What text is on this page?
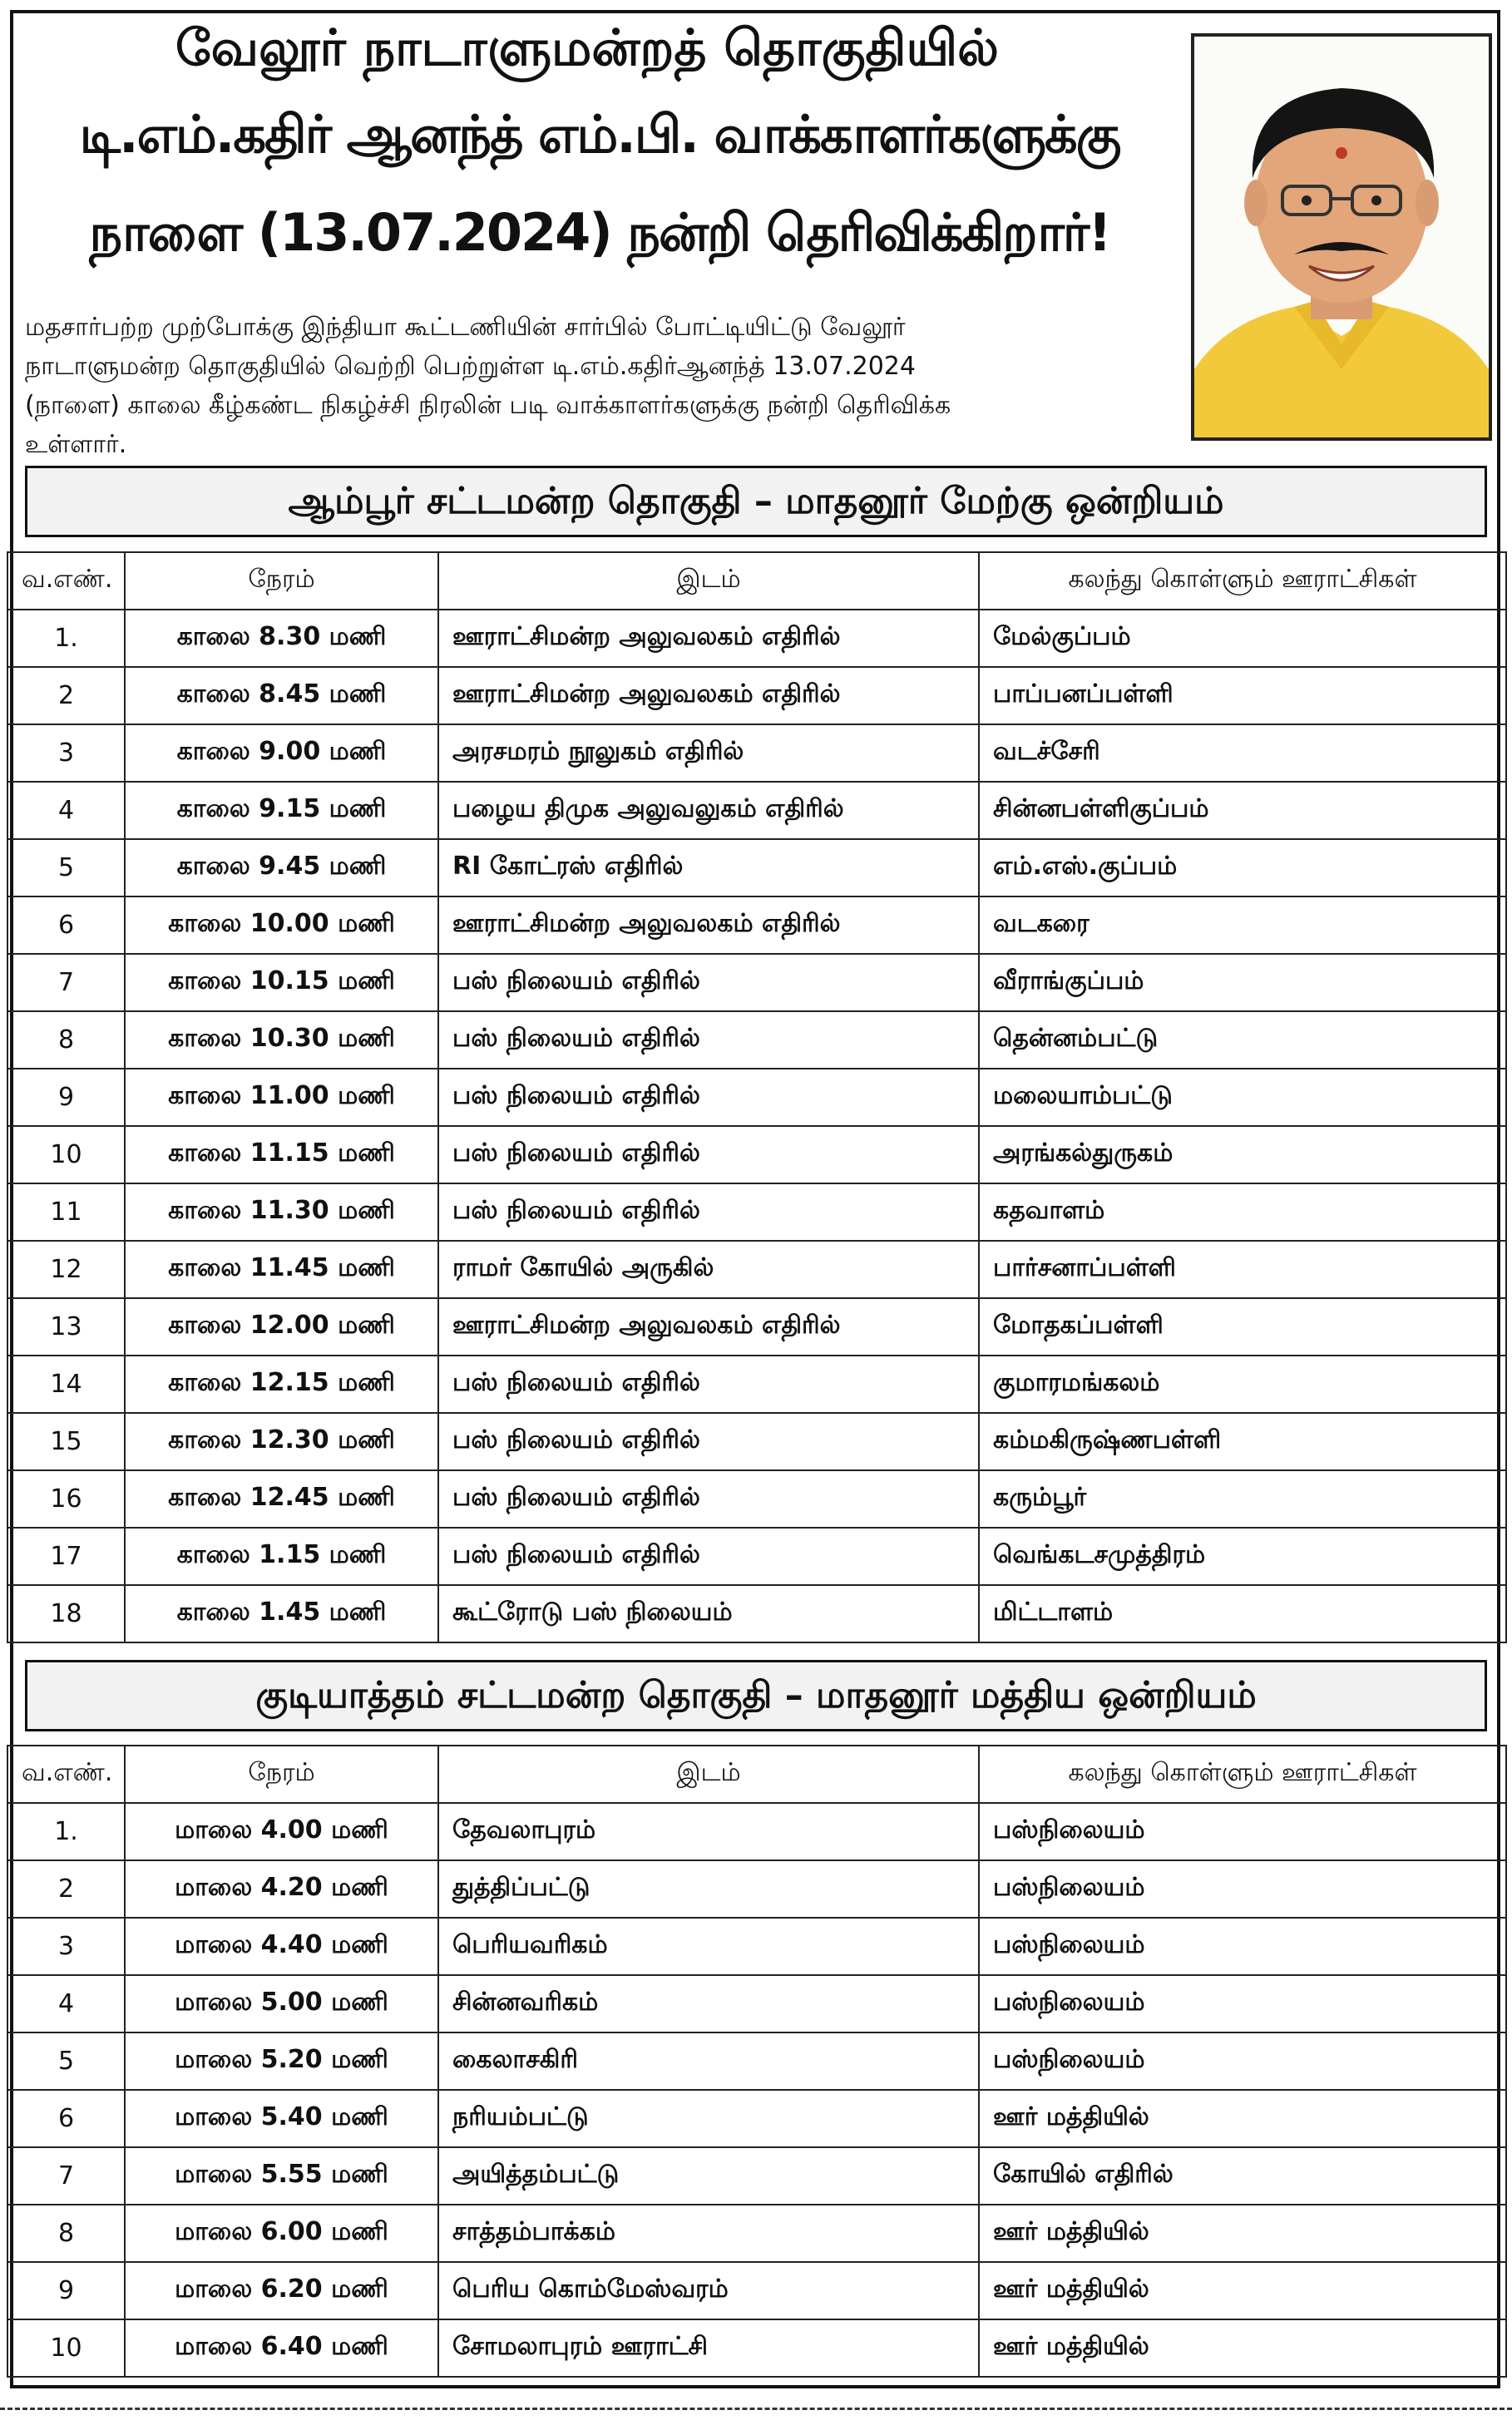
வேலூர் நாடாளுமன்றத் தொகுதியில்
டி.எம்.கதிர் ஆனந்த் எம்.பி. வாக்காளர்களுக்கு
நாளை (13.07.2024) நன்றி தெரிவிக்கிறார்!
மதசார்பற்ற முற்போக்கு இந்தியா கூட்டணியின் சார்பில் போட்டியிட்டு வேலூர்
நாடாளுமன்ற தொகுதியில் வெற்றி பெற்றுள்ள டி.எம்.கதிர்ஆனந்த் 13.07.2024
(நாளை) காலை கீழ்கண்ட நிகழ்ச்சி நிரலின் படி வாக்காளர்களுக்கு நன்றி தெரிவிக்க
உள்ளார்.
ஆம்பூர் சட்டமன்ற தொகுதி – மாதனூர் மேற்கு ஒன்றியம்
வ.எண்.	நேரம்	இடம்	கலந்து கொள்ளும் ஊராட்சிகள்
1.	காலை 8.30 மணி	ஊராட்சிமன்ற அலுவலகம் எதிரில்	மேல்குப்பம்
2	காலை 8.45 மணி	ஊராட்சிமன்ற அலுவலகம் எதிரில்	பாப்பனப்பள்ளி
3	காலை 9.00 மணி	அரசமரம் நூலுகம் எதிரில்	வடச்சேரி
4	காலை 9.15 மணி	பழைய திமுக அலுவலுகம் எதிரில்	சின்னபள்ளிகுப்பம்
5	காலை 9.45 மணி	RI கோட்ரஸ் எதிரில்	எம்.எஸ்.குப்பம்
6	காலை 10.00 மணி	ஊராட்சிமன்ற அலுவலகம் எதிரில்	வடகரை
7	காலை 10.15 மணி	பஸ் நிலையம் எதிரில்	வீராங்குப்பம்
8	காலை 10.30 மணி	பஸ் நிலையம் எதிரில்	தென்னம்பட்டு
9	காலை 11.00 மணி	பஸ் நிலையம் எதிரில்	மலையாம்பட்டு
10	காலை 11.15 மணி	பஸ் நிலையம் எதிரில்	அரங்கல்துருகம்
11	காலை 11.30 மணி	பஸ் நிலையம் எதிரில்	கதவாளம்
12	காலை 11.45 மணி	ராமர் கோயில் அருகில்	பார்சனாப்பள்ளி
13	காலை 12.00 மணி	ஊராட்சிமன்ற அலுவலகம் எதிரில்	மோதகப்பள்ளி
14	காலை 12.15 மணி	பஸ் நிலையம் எதிரில்	குமாரமங்கலம்
15	காலை 12.30 மணி	பஸ் நிலையம் எதிரில்	கம்மகிருஷ்ணபள்ளி
16	காலை 12.45 மணி	பஸ் நிலையம் எதிரில்	கரும்பூர்
17	காலை 1.15 மணி	பஸ் நிலையம் எதிரில்	வெங்கடசமுத்திரம்
18	காலை 1.45 மணி	கூட்ரோடு பஸ் நிலையம்	மிட்டாளம்
குடியாத்தம் சட்டமன்ற தொகுதி – மாதனூர் மத்திய ஒன்றியம்
வ.எண்.	நேரம்	இடம்	கலந்து கொள்ளும் ஊராட்சிகள்
1.	மாலை 4.00 மணி	தேவலாபுரம்	பஸ்நிலையம்
2	மாலை 4.20 மணி	துத்திப்பட்டு	பஸ்நிலையம்
3	மாலை 4.40 மணி	பெரியவரிகம்	பஸ்நிலையம்
4	மாலை 5.00 மணி	சின்னவரிகம்	பஸ்நிலையம்
5	மாலை 5.20 மணி	கைலாசகிரி	பஸ்நிலையம்
6	மாலை 5.40 மணி	நரியம்பட்டு	ஊர் மத்தியில்
7	மாலை 5.55 மணி	அயித்தம்பட்டு	கோயில் எதிரில்
8	மாலை 6.00 மணி	சாத்தம்பாக்கம்	ஊர் மத்தியில்
9	மாலை 6.20 மணி	பெரிய கொம்மேஸ்வரம்	ஊர் மத்தியில்
10	மாலை 6.40 மணி	சோமலாபுரம் ஊராட்சி	ஊர் மத்தியில்
